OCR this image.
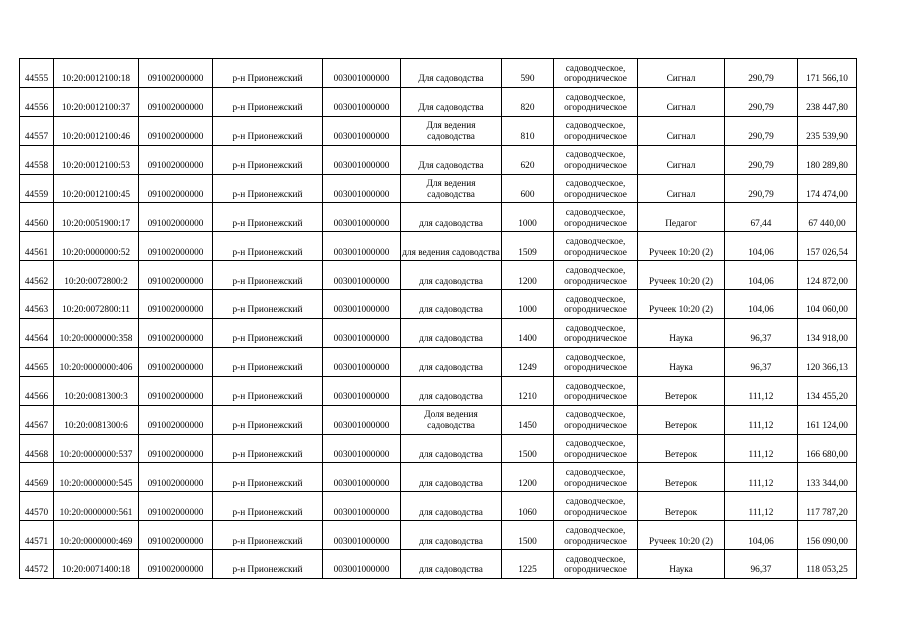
44555	10:20:0012100:18	091002000000	р-н Прионежский	003001000000	Для садоводства	590	садоводческое, огородническое	Сигнал	290,79	171 566,10

44556	10:20:0012100:37	091002000000	р-н Прионежский	003001000000	Для садоводства	820	садоводческое, огородническое	Сигнал	290,79	238 447,80

44557	10:20:0012100:46	091002000000	р-н Прионежский	003001000000	Для ведения садоводства	810	садоводческое, огородническое	Сигнал	290,79	235 539,90

44558	10:20:0012100:53	091002000000	р-н Прионежский	003001000000	Для садоводства	620	садоводческое, огородническое	Сигнал	290,79	180 289,80

44559	10:20:0012100:45	091002000000	р-н Прионежский	003001000000	Для ведения садоводства	600	садоводческое, огородническое	Сигнал	290,79	174 474,00

44560	10:20:0051900:17	091002000000	р-н Прионежский	003001000000	для садоводства	1000	садоводческое, огородническое	Педагог	67,44	67 440,00

44561	10:20:0000000:52	091002000000	р-н Прионежский	003001000000	для ведения садоводства	1509	садоводческое, огородническое	Ручеек 10:20 (2)	104,06	157 026,54

44562	10:20:0072800:2	091002000000	р-н Прионежский	003001000000	для садоводства	1200	садоводческое, огородническое	Ручеек 10:20 (2)	104,06	124 872,00

44563	10:20:0072800:11	091002000000	р-н Прионежский	003001000000	для садоводства	1000	садоводческое, огородническое	Ручеек 10:20 (2)	104,06	104 060,00

44564	10:20:0000000:358	091002000000	р-н Прионежский	003001000000	для садоводства	1400	садоводческое, огородническое	Наука	96,37	134 918,00

44565	10:20:0000000:406	091002000000	р-н Прионежский	003001000000	для садоводства	1249	садоводческое, огородническое	Наука	96,37	120 366,13

44566	10:20:0081300:3	091002000000	р-н Прионежский	003001000000	для садоводства	1210	садоводческое, огородническое	Ветерок	111,12	134 455,20

44567	10:20:0081300:6	091002000000	р-н Прионежский	003001000000	Доля ведения садоводства	1450	садоводческое, огородническое	Ветерок	111,12	161 124,00

44568	10:20:0000000:537	091002000000	р-н Прионежский	003001000000	для садоводства	1500	садоводческое, огородническое	Ветерок	111,12	166 680,00

44569	10:20:0000000:545	091002000000	р-н Прионежский	003001000000	для садоводства	1200	садоводческое, огородническое	Ветерок	111,12	133 344,00

44570	10:20:0000000:561	091002000000	р-н Прионежский	003001000000	для садоводства	1060	садоводческое, огородническое	Ветерок	111,12	117 787,20

44571	10:20:0000000:469	091002000000	р-н Прионежский	003001000000	для садоводства	1500	садоводческое, огородническое	Ручеек 10:20 (2)	104,06	156 090,00

44572	10:20:0071400:18	091002000000	р-н Прионежский	003001000000	для садоводства	1225	садоводческое, огородническое	Наука	96,37	118 053,25
